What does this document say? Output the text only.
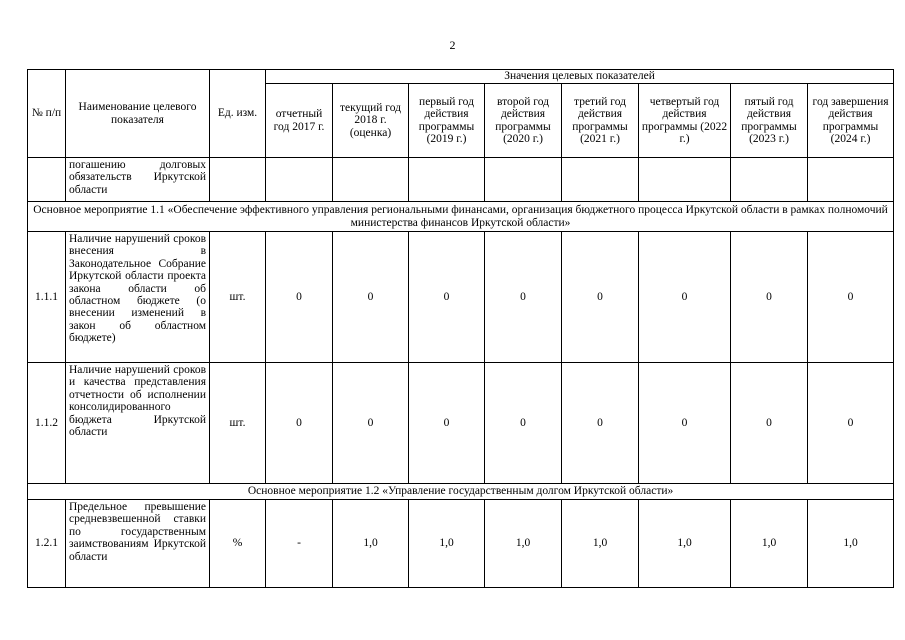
2
№ п/п	Наименование целевого показателя	Ед. изм.	Значения целевых показателей							
			отчетный год 2017 г.	текущий год 2018 г. (оценка)	первый год действия программы (2019 г.)	второй год действия программы (2020 г.)	третий год действия программы (2021 г.)	четвертый год действия программы (2022 г.)	пятый год действия программы (2023 г.)	год завершения действия программы (2024 г.)
	погашению долговых обязательств Иркутской области									
Основное мероприятие 1.1 «Обеспечение эффективного управления региональными финансами, организация бюджетного процесса Иркутской области в рамках полномочий министерства финансов Иркутской области»										
1.1.1	Наличие нарушений сроков внесения в Законодательное Собрание Иркутской области проекта закона области об областном бюджете (о внесении изменений в закон об областном бюджете)	шт.	0	0	0	0	0	0	0	0
1.1.2	Наличие нарушений сроков и качества представления отчетности об исполнении консолидированного бюджета Иркутской области	шт.	0	0	0	0	0	0	0	0
Основное мероприятие 1.2 «Управление государственным долгом Иркутской области»										
1.2.1	Предельное превышение средневзвешенной ставки по государственным заимствованиям Иркутской области	%	-	1,0	1,0	1,0	1,0	1,0	1,0	1,0
